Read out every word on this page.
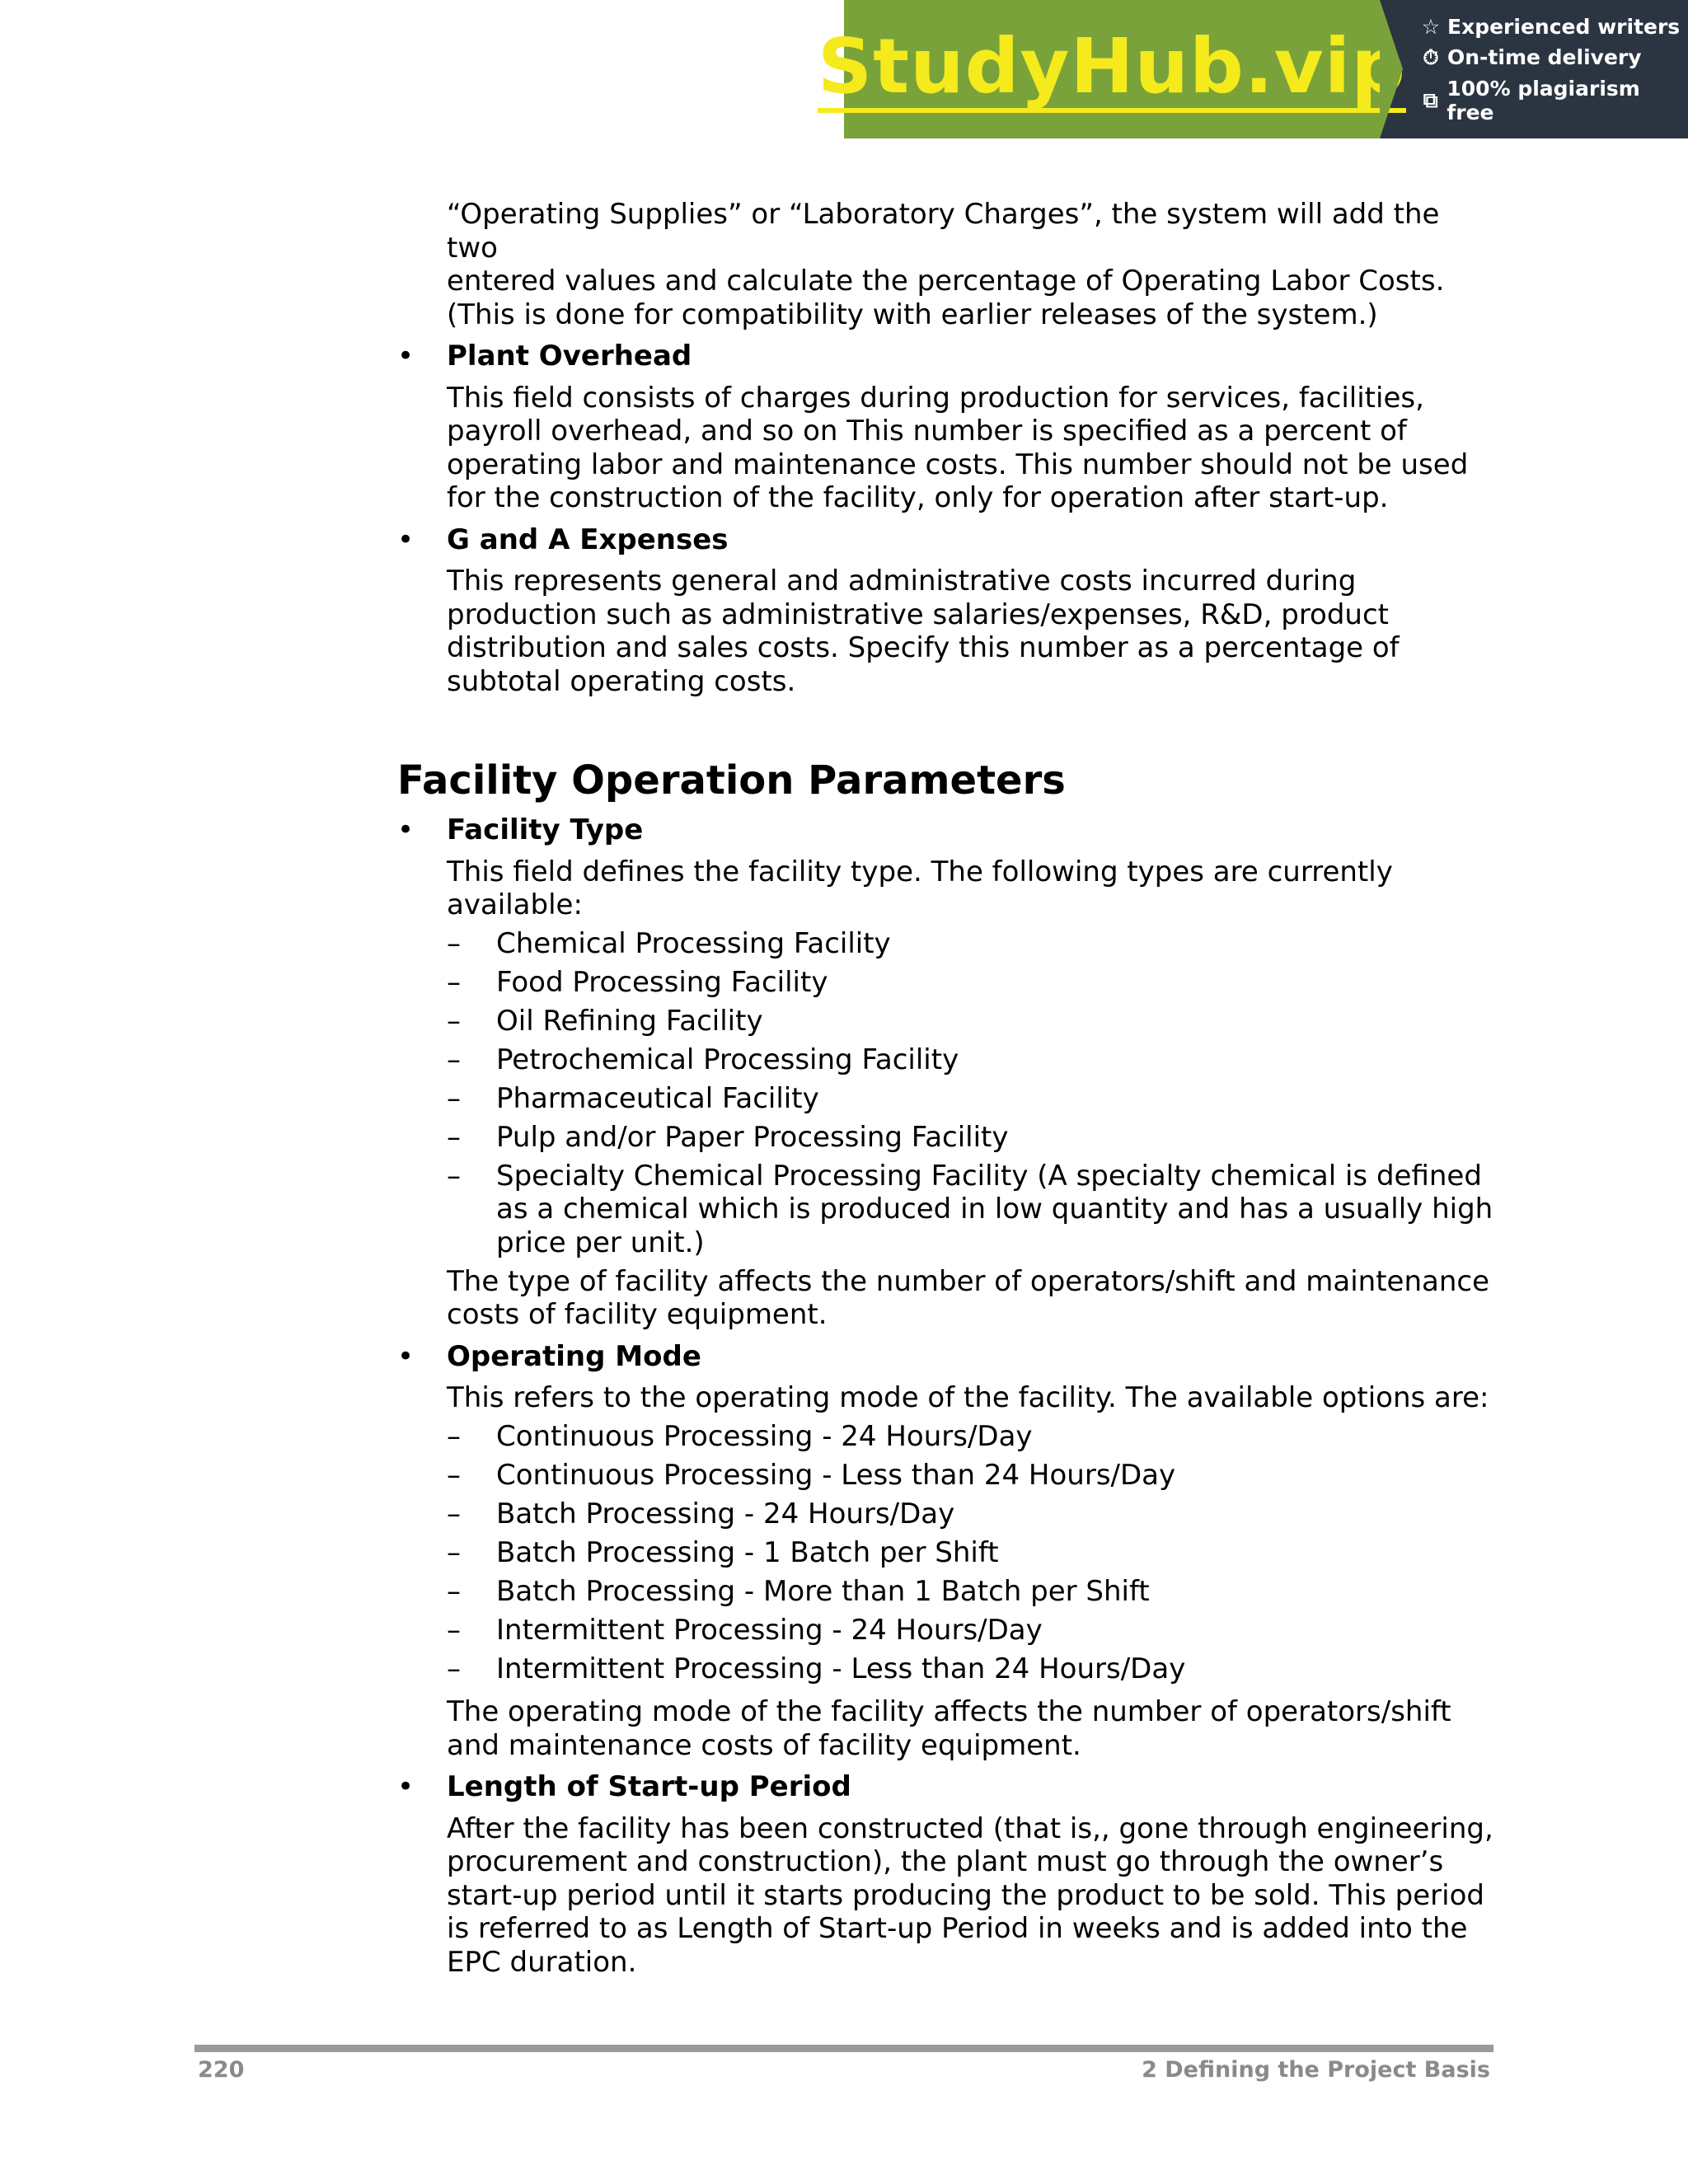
StudyHub.vip ☆ Experienced writers
⏱ On-time delivery
⧉ 100% plagiarism free
“Operating Supplies” or “Laboratory Charges”, the system will add the two
entered values and calculate the percentage of Operating Labor Costs.
(This is done for compatibility with earlier releases of the system.)
• Plant Overhead
This field consists of charges during production for services, facilities,
payroll overhead, and so on This number is specified as a percent of
operating labor and maintenance costs. This number should not be used
for the construction of the facility, only for operation after start-up.
• G and A Expenses
This represents general and administrative costs incurred during
production such as administrative salaries/expenses, R&D, product
distribution and sales costs. Specify this number as a percentage of
subtotal operating costs.
Facility Operation Parameters
• Facility Type
This field defines the facility type. The following types are currently
available:
– Chemical Processing Facility
– Food Processing Facility
– Oil Refining Facility
– Petrochemical Processing Facility
– Pharmaceutical Facility
– Pulp and/or Paper Processing Facility
– Specialty Chemical Processing Facility (A specialty chemical is defined
as a chemical which is produced in low quantity and has a usually high
price per unit.)
The type of facility affects the number of operators/shift and maintenance
costs of facility equipment.
• Operating Mode
This refers to the operating mode of the facility. The available options are:
– Continuous Processing - 24 Hours/Day
– Continuous Processing - Less than 24 Hours/Day
– Batch Processing - 24 Hours/Day
– Batch Processing - 1 Batch per Shift
– Batch Processing - More than 1 Batch per Shift
– Intermittent Processing - 24 Hours/Day
– Intermittent Processing - Less than 24 Hours/Day
The operating mode of the facility affects the number of operators/shift
and maintenance costs of facility equipment.
• Length of Start-up Period
After the facility has been constructed (that is,, gone through engineering,
procurement and construction), the plant must go through the owner’s
start-up period until it starts producing the product to be sold. This period
is referred to as Length of Start-up Period in weeks and is added into the
EPC duration.
220	2 Defining the Project Basis
